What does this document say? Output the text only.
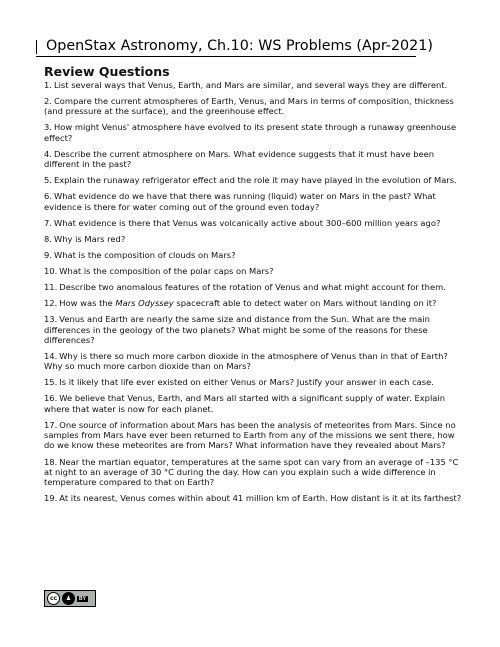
OpenStax Astronomy, Ch.10: WS Problems (Apr-2021)
Review Questions

1. List several ways that Venus, Earth, and Mars are similar, and several ways they are different.

2. Compare the current atmospheres of Earth, Venus, and Mars in terms of composition, thickness (and pressure at the surface), and the greenhouse effect.

3. How might Venus' atmosphere have evolved to its present state through a runaway greenhouse effect?

4. Describe the current atmosphere on Mars. What evidence suggests that it must have been different in the past?

5. Explain the runaway refrigerator effect and the role it may have played in the evolution of Mars.

6. What evidence do we have that there was running (liquid) water on Mars in the past? What evidence is there for water coming out of the ground even today?

7. What evidence is there that Venus was volcanically active about 300–600 million years ago?

8. Why is Mars red?

9. What is the composition of clouds on Mars?

10. What is the composition of the polar caps on Mars?

11. Describe two anomalous features of the rotation of Venus and what might account for them.

12. How was the Mars Odyssey spacecraft able to detect water on Mars without landing on it?

13. Venus and Earth are nearly the same size and distance from the Sun. What are the main differences in the geology of the two planets? What might be some of the reasons for these differences?

14. Why is there so much more carbon dioxide in the atmosphere of Venus than in that of Earth? Why so much more carbon dioxide than on Mars?

15. Is it likely that life ever existed on either Venus or Mars? Justify your answer in each case.

16. We believe that Venus, Earth, and Mars all started with a significant supply of water. Explain where that water is now for each planet.

17. One source of information about Mars has been the analysis of meteorites from Mars. Since no samples from Mars have ever been returned to Earth from any of the missions we sent there, how do we know these meteorites are from Mars? What information have they revealed about Mars?

18. Near the martian equator, temperatures at the same spot can vary from an average of –135 °C at night to an average of 30 °C during the day. How can you explain such a wide difference in temperature compared to that on Earth?

19. At its nearest, Venus comes within about 41 million km of Earth. How distant is it at its farthest?

cc	♟	BY
